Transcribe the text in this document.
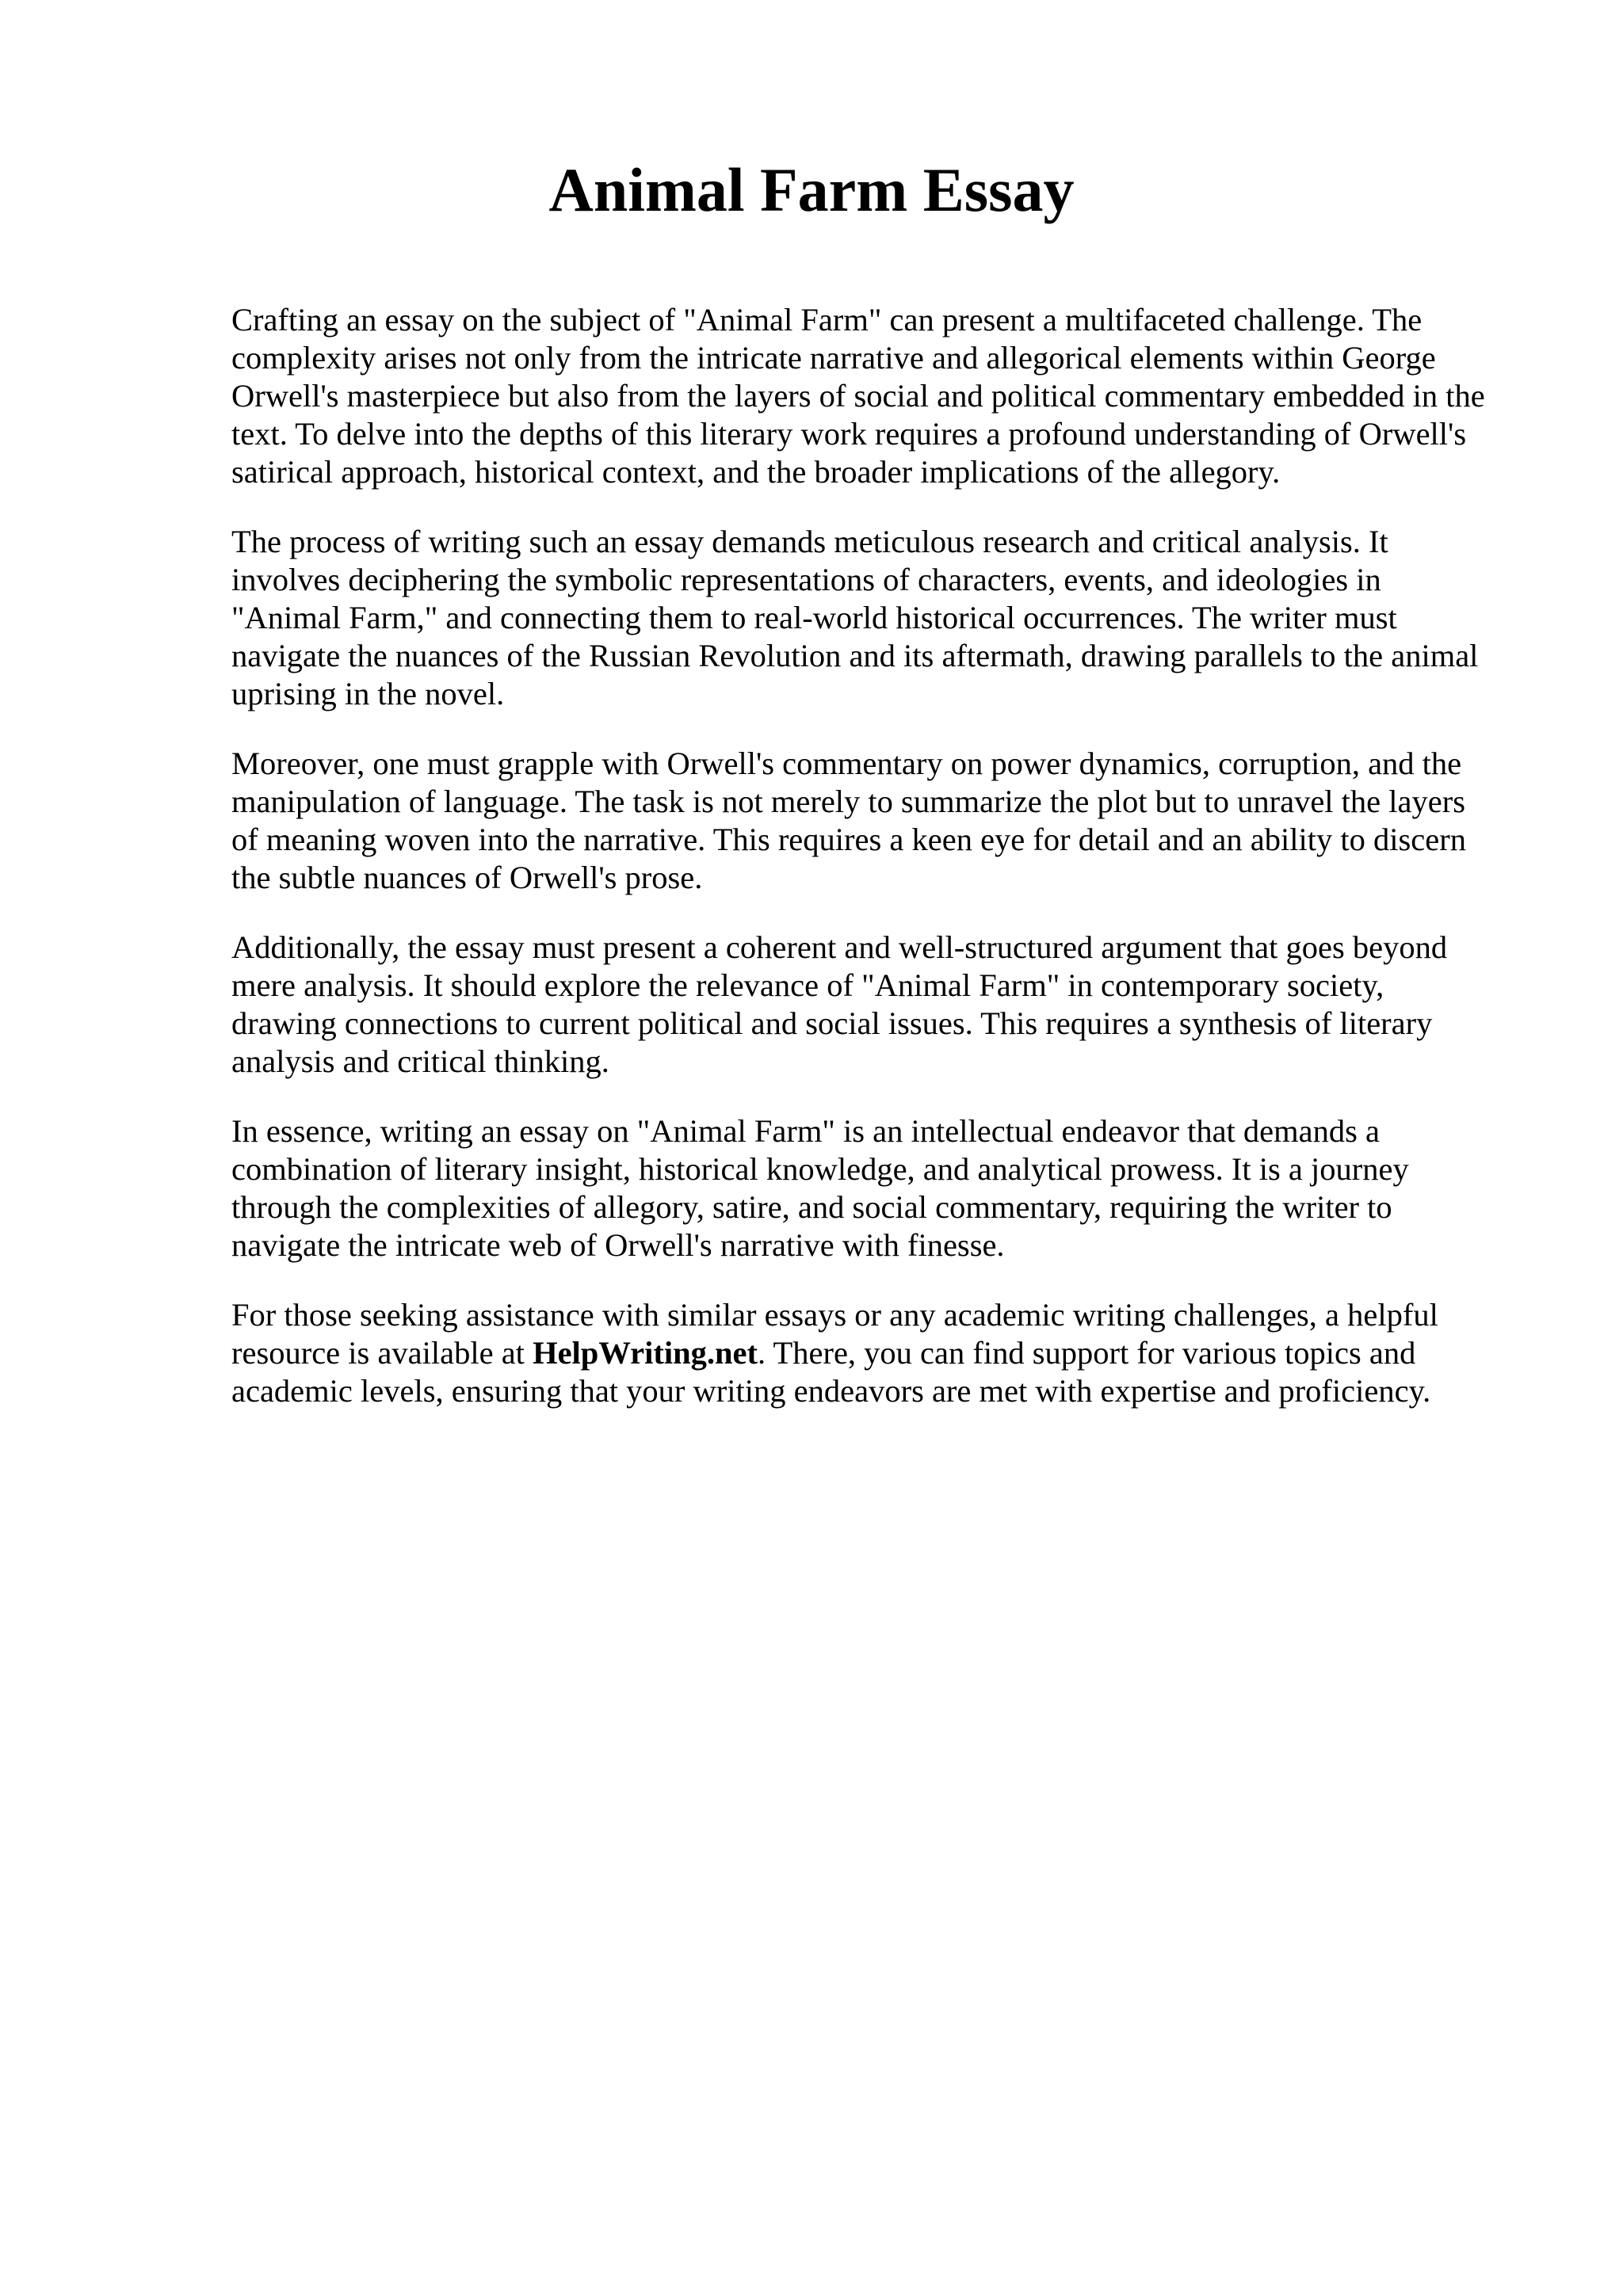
Animal Farm Essay

Crafting an essay on the subject of "Animal Farm" can present a multifaceted challenge. The
complexity arises not only from the intricate narrative and allegorical elements within George
Orwell's masterpiece but also from the layers of social and political commentary embedded in the
text. To delve into the depths of this literary work requires a profound understanding of Orwell's
satirical approach, historical context, and the broader implications of the allegory.

The process of writing such an essay demands meticulous research and critical analysis. It
involves deciphering the symbolic representations of characters, events, and ideologies in
"Animal Farm," and connecting them to real-world historical occurrences. The writer must
navigate the nuances of the Russian Revolution and its aftermath, drawing parallels to the animal
uprising in the novel.

Moreover, one must grapple with Orwell's commentary on power dynamics, corruption, and the
manipulation of language. The task is not merely to summarize the plot but to unravel the layers
of meaning woven into the narrative. This requires a keen eye for detail and an ability to discern
the subtle nuances of Orwell's prose.

Additionally, the essay must present a coherent and well-structured argument that goes beyond
mere analysis. It should explore the relevance of "Animal Farm" in contemporary society,
drawing connections to current political and social issues. This requires a synthesis of literary
analysis and critical thinking.

In essence, writing an essay on "Animal Farm" is an intellectual endeavor that demands a
combination of literary insight, historical knowledge, and analytical prowess. It is a journey
through the complexities of allegory, satire, and social commentary, requiring the writer to
navigate the intricate web of Orwell's narrative with finesse.

For those seeking assistance with similar essays or any academic writing challenges, a helpful
resource is available at HelpWriting.net. There, you can find support for various topics and
academic levels, ensuring that your writing endeavors are met with expertise and proficiency.
